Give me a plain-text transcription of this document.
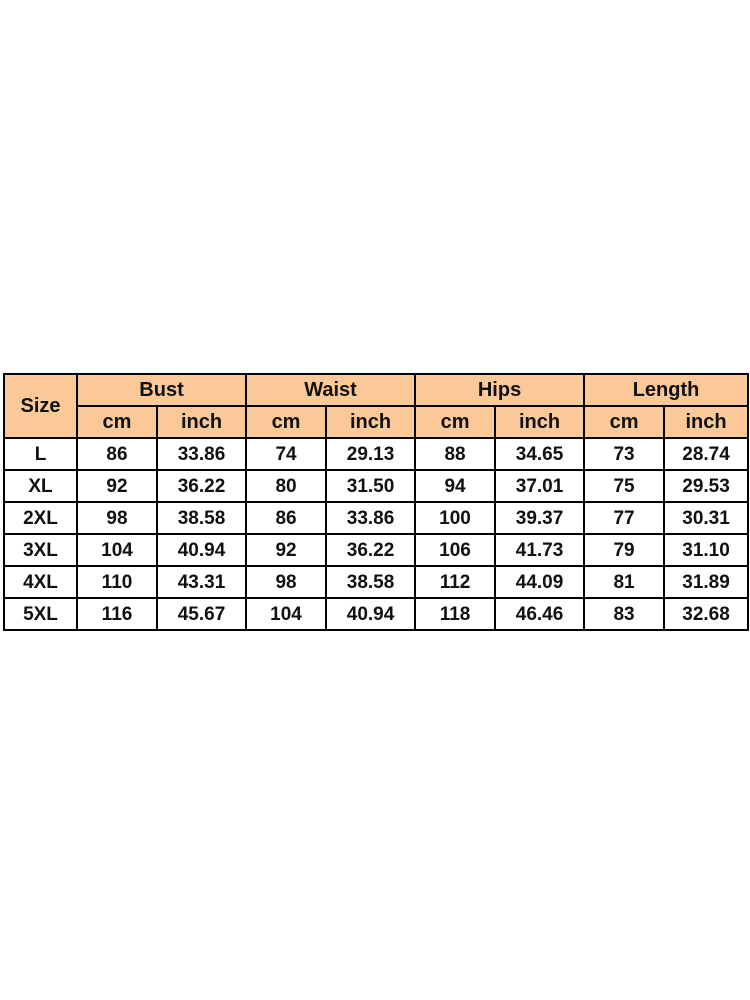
Size	Bust		Waist		Hips		Length	
	cm	inch	cm	inch	cm	inch	cm	inch
L	86	33.86	74	29.13	88	34.65	73	28.74
XL	92	36.22	80	31.50	94	37.01	75	29.53
2XL	98	38.58	86	33.86	100	39.37	77	30.31
3XL	104	40.94	92	36.22	106	41.73	79	31.10
4XL	110	43.31	98	38.58	112	44.09	81	31.89
5XL	116	45.67	104	40.94	118	46.46	83	32.68
